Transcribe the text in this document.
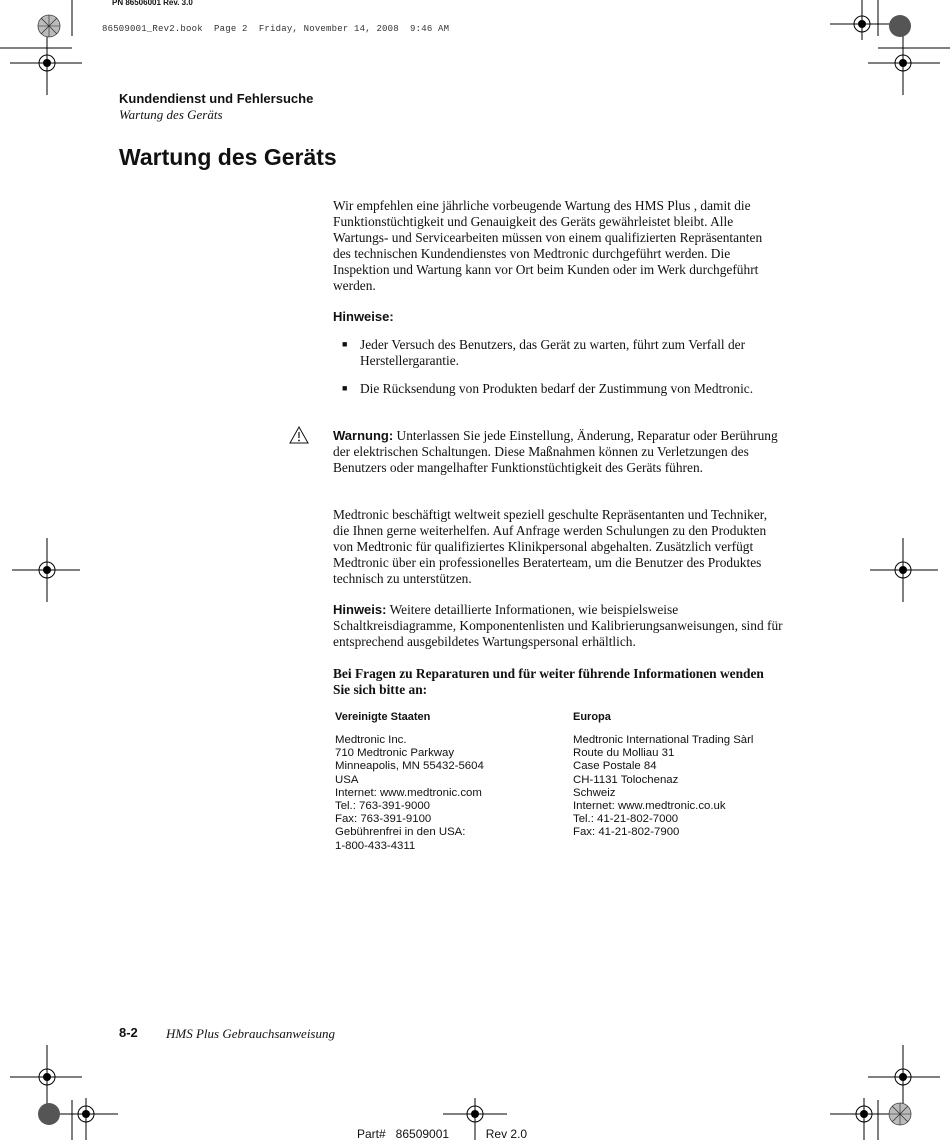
PN 86506001 Rev. 3.0
86509001_Rev2.book  Page 2  Friday, November 14, 2008  9:46 AM
Kundendienst und Fehlersuche
Wartung des Geräts
Wartung des Geräts
Wir empfehlen eine jährliche vorbeugende Wartung des HMS Plus , damit die Funktionstüchtigkeit und Genauigkeit des Geräts gewährleistet bleibt. Alle Wartungs- und Servicearbeiten müssen von einem qualifizierten Repräsentanten des technischen Kundendienstes von Medtronic durchgeführt werden. Die Inspektion und Wartung kann vor Ort beim Kunden oder im Werk durchgeführt werden.
Hinweise:
■ Jeder Versuch des Benutzers, das Gerät zu warten, führt zum Verfall der Herstellergarantie.
■ Die Rücksendung von Produkten bedarf der Zustimmung von Medtronic.
Warnung: Unterlassen Sie jede Einstellung, Änderung, Reparatur oder Berührung der elektrischen Schaltungen. Diese Maßnahmen können zu Verletzungen des Benutzers oder mangelhafter Funktionstüchtigkeit des Geräts führen.
Medtronic beschäftigt weltweit speziell geschulte Repräsentanten und Techniker, die Ihnen gerne weiterhelfen. Auf Anfrage werden Schulungen zu den Produkten von Medtronic für qualifiziertes Klinikpersonal abgehalten. Zusätzlich verfügt Medtronic über ein professionelles Beraterteam, um die Benutzer des Produktes technisch zu unterstützen.
Hinweis: Weitere detaillierte Informationen, wie beispielsweise Schaltkreisdiagramme, Komponentenlisten und Kalibrierungsanweisungen, sind für entsprechend ausgebildetes Wartungspersonal erhältlich.
Bei Fragen zu Reparaturen und für weiter führende Informationen wenden Sie sich bitte an:
Vereinigte Staaten
Medtronic Inc.
710 Medtronic Parkway
Minneapolis, MN 55432-5604
USA
Internet: www.medtronic.com
Tel.: 763-391-9000
Fax: 763-391-9100
Gebührenfrei in den USA:
1-800-433-4311
Europa
Medtronic International Trading Sàrl
Route du Molliau 31
Case Postale 84
CH-1131 Tolochenaz
Schweiz
Internet: www.medtronic.co.uk
Tel.: 41-21-802-7000
Fax: 41-21-802-7900
8-2 HMS Plus Gebrauchsanweisung
Part#   86509001           Rev 2.0
